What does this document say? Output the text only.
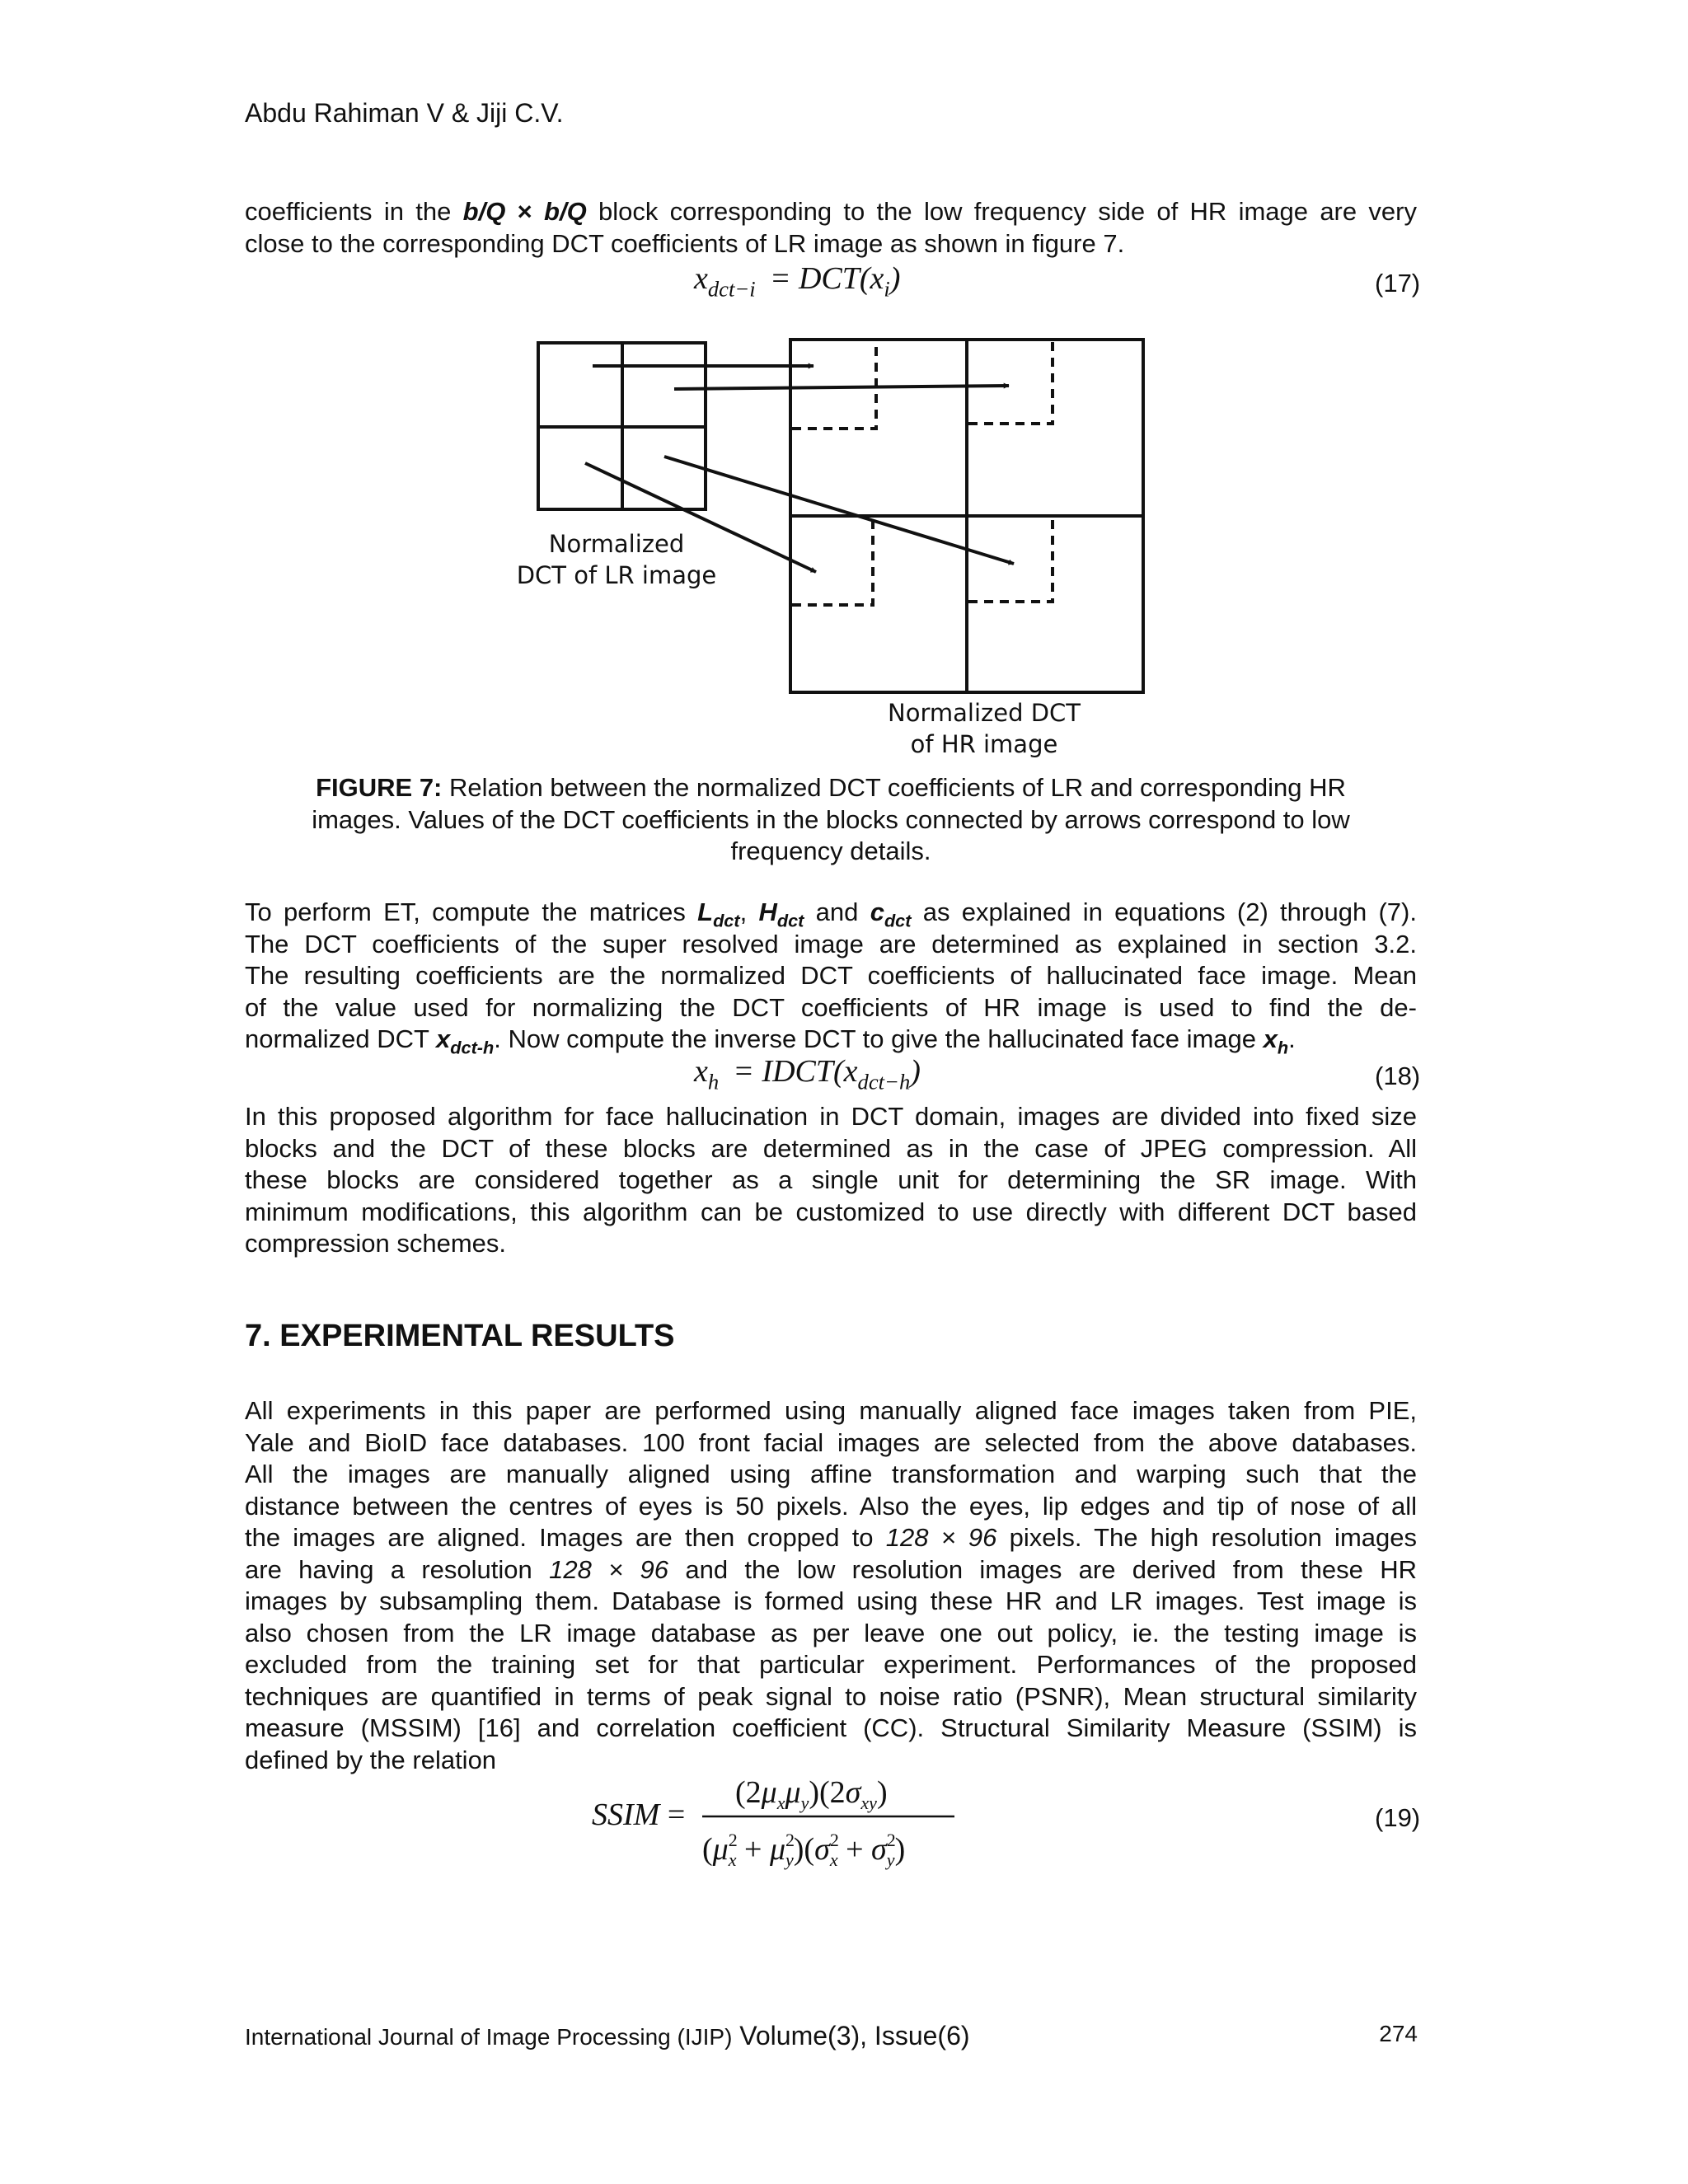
Abdu Rahiman V & Jiji C.V.
coefficients in the b/Q × b/Q block corresponding to the low frequency side of HR image are very
close to the corresponding DCT coefficients of LR image as shown in figure 7.
$x_{dct-i} = DCT(x_i)$	(17)
Normalized
DCT of LR image
Normalized DCT
of HR image
FIGURE 7: Relation between the normalized DCT coefficients of LR and corresponding HR
images. Values of the DCT coefficients in the blocks connected by arrows correspond to low
frequency details.
To perform ET, compute the matrices $L_{dct}$, $H_{dct}$ and $c_{dct}$ as explained in equations (2) through (7).
The DCT coefficients of the super resolved image are determined as explained in section 3.2.
The resulting coefficients are the normalized DCT coefficients of hallucinated face image. Mean
of the value used for normalizing the DCT coefficients of HR image is used to find the de-
normalized DCT $x_{dct-h}$. Now compute the inverse DCT to give the hallucinated face image $x_h$.
$x_h$   = $IDCT(x_{dct-h})$	(18)
In this proposed algorithm for face hallucination in DCT domain, images are divided into fixed size
blocks and the DCT of these blocks are determined as in the case of JPEG compression. All
these blocks are considered together as a single unit for determining the SR image. With
minimum modifications, this algorithm can be customized to use directly with different DCT based
compression schemes.
7. EXPERIMENTAL RESULTS
All experiments in this paper are performed using manually aligned face images taken from PIE,
Yale and BioID face databases. 100 front facial images are selected from the above databases.
All the images are manually aligned using affine transformation and warping such that the
distance between the centres of eyes is 50 pixels. Also the eyes, lip edges and tip of nose of all
the images are aligned. Images are then cropped to 128 × 96 pixels. The high resolution images
are having a resolution 128 × 96 and the low resolution images are derived from these HR
images by subsampling them. Database is formed using these HR and LR images. Test image is
also chosen from the LR image database as per leave one out policy, ie. the testing image is
excluded from the training set for that particular experiment. Performances of the proposed
techniques are quantified in terms of peak signal to noise ratio (PSNR), Mean structural similarity
measure (MSSIM) [16] and correlation coefficient (CC). Structural Similarity Measure (SSIM) is
defined by the relation
SSIM =
$(2\mu_x\mu_y)(2\sigma_{xy})$
($\mu^2$ $x + \mu^2$ $y)(\sigma^2$ $x + \sigma^2$ y)
(19)
International Journal of Image Processing (IJIP) Volume(3), Issue(6)	274
